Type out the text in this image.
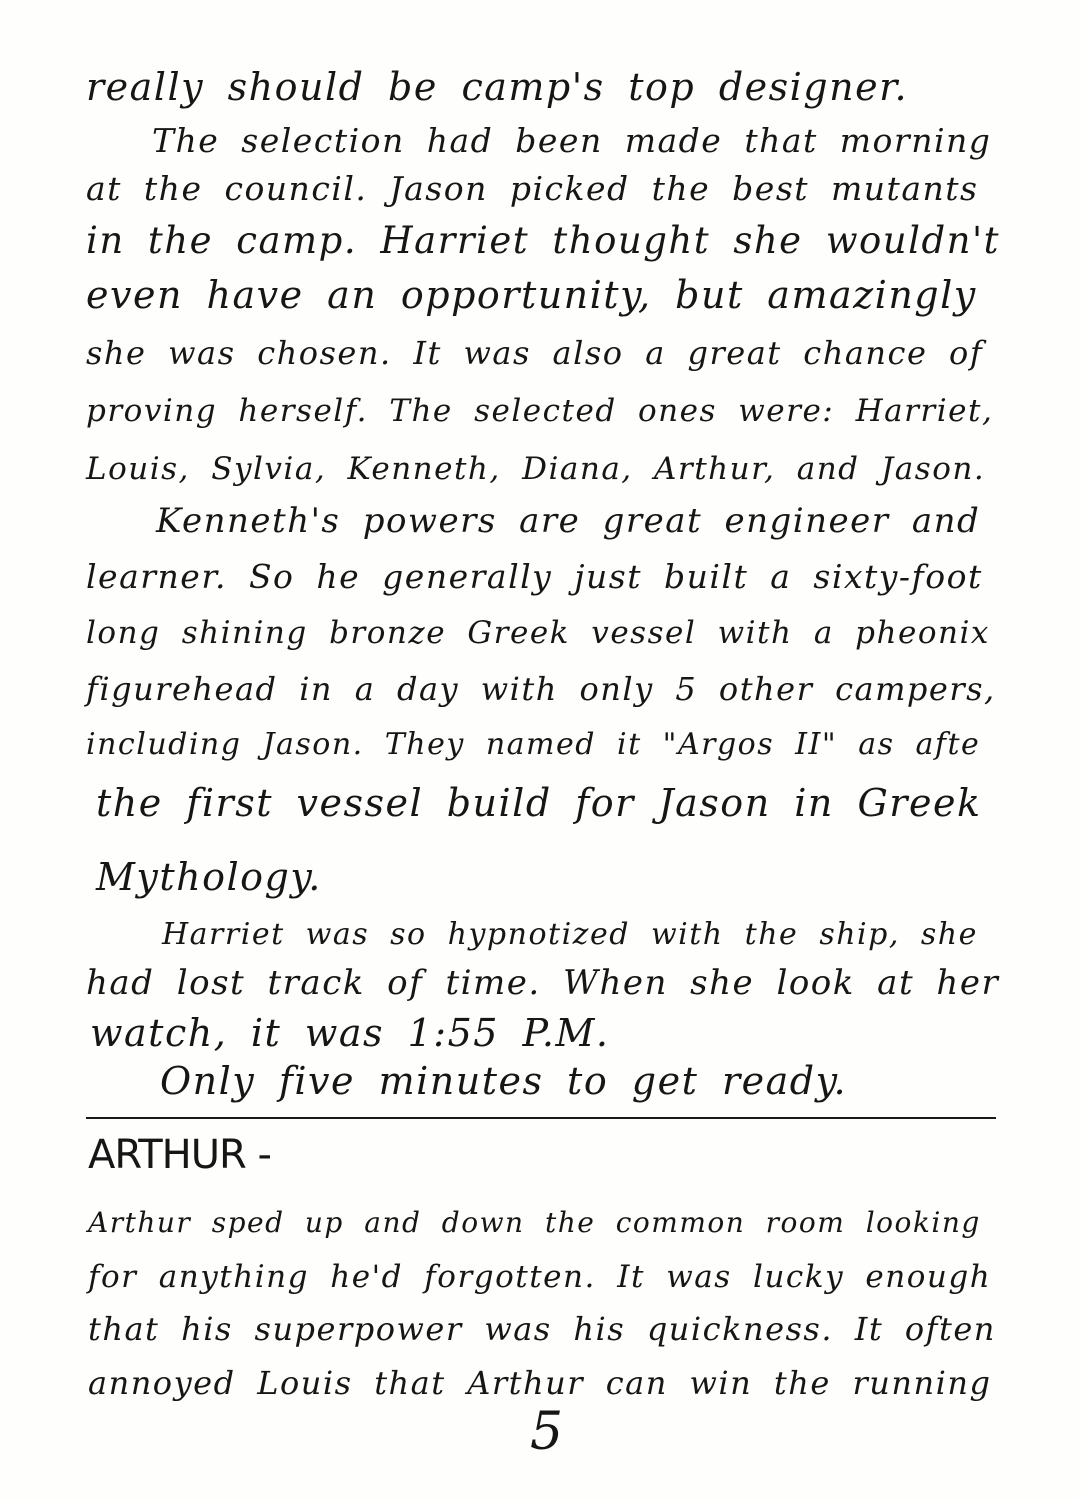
really should be camp's top designer.
The selection had been made that morning
at the council. Jason picked the best mutants
in the camp. Harriet thought she wouldn't
even have an opportunity, but amazingly
she was chosen. It was also a great chance of
proving herself. The selected ones were: Harriet,
Louis, Sylvia, Kenneth, Diana, Arthur, and Jason.
Kenneth's powers are great engineer and
learner. So he generally just built a sixty-foot
long shining bronze Greek vessel with a pheonix
figurehead in a day with only 5 other campers,
including Jason. They named it "Argos II" as afte
the first vessel build for Jason in Greek
Mythology.
Harriet was so hypnotized with the ship, she
had lost track of time. When she look at her
watch, it was 1:55 P.M.
Only five minutes to get ready.
ARTHUR -
Arthur sped up and down the common room looking
for anything he'd forgotten. It was lucky enough
that his superpower was his quickness. It often
annoyed Louis that Arthur can win the running
5
